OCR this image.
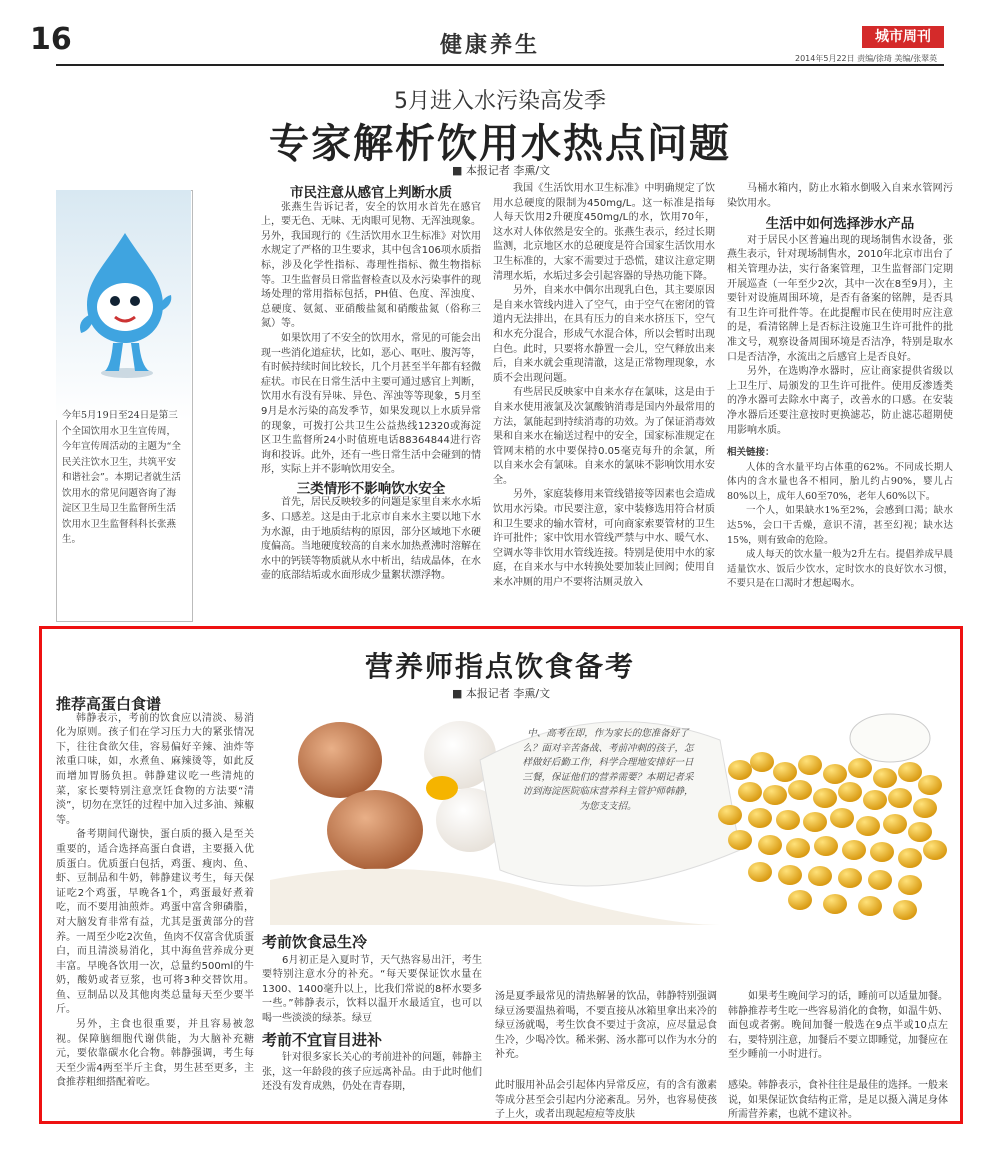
16	健康养生	城市周刊
2014年5月22日 责编/徐琦 美编/张翠英
5月进入水污染高发季
专家解析饮用水热点问题
■ 本报记者 李熏/文
今年5月19日至24日是第三个全国饮用水卫生宣传周，今年宣传周活动的主题为“全民关注饮水卫生，共筑平安和谐社会”。本期记者就生活饮用水的常见问题咨询了海淀区卫生局卫生监督所生活饮用水卫生监督科科长张燕生。
市民注意从感官上判断水质

张燕生告诉记者，安全的饮用水首先在感官上，要无色、无味、无肉眼可见物、无浑浊现象。另外，我国现行的《生活饮用水卫生标准》对饮用水规定了严格的卫生要求，其中包含106项水质指标，涉及化学性指标、毒理性指标、微生物指标等。卫生监督员日常监督检查以及水污染事件的现场处理的常用指标包括，PH值、色度、浑浊度、总硬度、氨氮、亚硝酸盐氮和硝酸盐氮（俗称三氮）等。

如果饮用了不安全的饮用水，常见的可能会出现一些消化道症状，比如，恶心、呕吐、腹泻等，有时候持续时间比较长，几个月甚至半年都有轻微症状。市民在日常生活中主要可通过感官上判断，饮用水有没有异味、异色、浑浊等等现象，5月至9月是水污染的高发季节，如果发现以上水质异常的现象，可拨打公共卫生公益热线12320或海淀区卫生监督所24小时值班电话88364844进行咨询和投诉。此外，还有一些日常生活中会碰到的情形，实际上并不影响饮用安全。

三类情形不影响饮水安全

首先，居民反映较多的问题是家里自来水水垢多、口感差。这是由于北京市自来水主要以地下水为水源，由于地质结构的原因，部分区域地下水硬度偏高。当地硬度较高的自来水加热煮沸时溶解在水中的钙镁等物质就从水中析出，结成晶体，在水壶的底部结垢或水面形成少量絮状漂浮物。

我国《生活饮用水卫生标准》中明确规定了饮用水总硬度的限制为450mg/L。这一标准是指每人每天饮用2升硬度450mg/L的水，饮用70年，这水对人体依然是安全的。张燕生表示，经过长期监测，北京地区水的总硬度是符合国家生活饮用水卫生标准的，大家不需要过于恐慌，建议注意定期清理水垢，水垢过多会引起容器的导热功能下降。

另外，自来水中偶尔出现乳白色，其主要原因是自来水管线内进入了空气，由于空气在密闭的管道内无法排出，在具有压力的自来水挤压下，空气和水充分混合，形成气水混合体，所以会暂时出现白色。此时，只要将水静置一会儿，空气释放出来后，自来水就会重现清澈，这是正常物理现象，水质不会出现问题。

有些居民反映家中自来水存在氯味，这是由于自来水使用液氯及次氯酸钠消毒是国内外最常用的方法，氯能起到持续消毒的功效。为了保证消毒效果和自来水在输送过程中的安全，国家标准规定在管网末梢的水中要保持0.05毫克每升的余氯，所以自来水会有氯味。自来水的氯味不影响饮用水安全。

另外，家庭装修用来管线错接等因素也会造成饮用水污染。市民要注意，家中装修选用符合材质和卫生要求的输水管材，可向商家索要管材的卫生许可批件；家中饮用水管线严禁与中水、暖气水、空调水等非饮用水管线连接。特别是使用中水的家庭，在自来水与中水转换处要加装止回阀；使用自来水冲厕的用户不要将沽厕灵放入

马桶水箱内，防止水箱水倒吸入自来水管网污染饮用水。

生活中如何选择涉水产品

对于居民小区普遍出现的现场制售水设备，张燕生表示，针对现场制售水，2010年北京市出台了相关管理办法，实行备案管理，卫生监督部门定期开展巡查（一年至少2次，其中一次在8至9月），主要针对设施周围环境，是否有备案的铭牌，是否具有卫生许可批件等。在此提醒市民在使用时应注意的是，看清铭牌上是否标注设施卫生许可批件的批准文号，观察设备周围环境是否洁净，特别是取水口是否洁净，水流出之后感官上是否良好。

另外，在选购净水器时，应让商家提供省级以上卫生厅、局颁发的卫生许可批件。使用反渗透类的净水器可去除水中离子，改善水的口感。在安装净水器后还要注意按时更换滤芯，防止滤芯超期使用影响水质。

相关链接：

人体的含水量平均占体重的62%。不同成长期人体内的含水量也各不相同，胎儿约占90%，婴儿占80%以上，成年人60至70%，老年人60%以下。

一个人，如果缺水1%至2%，会感到口渴；缺水达5%，会口干舌燥，意识不清，甚至幻视；缺水达15%，则有致命的危险。

成人每天的饮水量一般为2升左右。提倡养成早晨适量饮水、饭后少饮水，定时饮水的良好饮水习惯，不要只是在口渴时才想起喝水。

营养师指点饮食备考
■ 本报记者 李熏/文
中、高考在即，作为家长的您准备好了么？面对辛苦备战、考前冲刺的孩子，怎样做好后勤工作，科学合理地安排好一日三餐，保证他们的营养需要？本期记者采访到海淀医院临床营养科主管护师韩静，为您支支招。
推荐高蛋白食谱

韩静表示，考前的饮食应以清淡、易消化为原则。孩子们在学习压力大的紧张情况下，往往食欲欠佳，容易偏好辛辣、油炸等浓重口味，如，水煮鱼、麻辣烫等，如此反而增加胃肠负担。韩静建议吃一些清炖的菜，家长要特别注意烹饪食物的方法要“清淡”，切勿在烹饪的过程中加入过多油、辣椒等。

备考期间代谢快，蛋白质的摄入是至关重要的，适合选择高蛋白食谱，主要摄入优质蛋白。优质蛋白包括，鸡蛋、瘦肉、鱼、虾、豆制品和牛奶，韩静建议考生，每天保证吃2个鸡蛋，早晚各1个，鸡蛋最好煮着吃，而不要用油煎炸。鸡蛋中富含卵磷脂，对大脑发育非常有益，尤其是蛋黄部分的营养。一周至少吃2次鱼，鱼肉不仅富含优质蛋白，而且清淡易消化，其中海鱼营养成分更丰富。早晚各饮用一次，总量约500ml的牛奶，酸奶或者豆浆，也可将3种交替饮用。鱼、豆制品以及其他肉类总量每天至少要半斤。

另外，主食也很重要，并且容易被忽视。保障脑细胞代谢供能，为大脑补充糖元，要依靠碳水化合物。韩静强调，考生每天至少需4两至半斤主食，男生甚至更多，主食推荐粗细搭配着吃。

考前饮食忌生冷

6月初正是入夏时节，天气热容易出汗，考生要特别注意水分的补充。“每天要保证饮水量在1300、1400毫升以上，比我们常说的8杯水要多一些。”韩静表示，饮料以温开水最适宜，也可以喝一些淡淡的绿茶。绿豆

考前不宜盲目进补

针对很多家长关心的考前进补的问题，韩静主张，这一年龄段的孩子应远离补品。由于此时他们还没有发育成熟，仍处在青春期，

汤是夏季最常见的清热解暑的饮品，韩静特别强调绿豆汤要温热着喝，不要直接从冰箱里拿出来冷的绿豆汤就喝，考生饮食不要过于贪凉，应尽量忌食生冷，少喝冷饮。稀米粥、汤水都可以作为水分的补充。

此时服用补品会引起体内异常反应，有的含有激素等成分甚至会引起内分泌紊乱。另外，也容易使孩子上火，或者出现起痘痘等皮肤

如果考生晚间学习的话，睡前可以适量加餐。韩静推荐考生吃一些容易消化的食物，如温牛奶、面包或者粥。晚间加餐一般选在9点半或10点左右，要特别注意，加餐后不要立即睡觉，加餐应在至少睡前一小时进行。

感染。韩静表示，食补往往是最佳的选择。一般来说，如果保证饮食结构正常，是足以摄入满足身体所需营养素，也就不建议补。
